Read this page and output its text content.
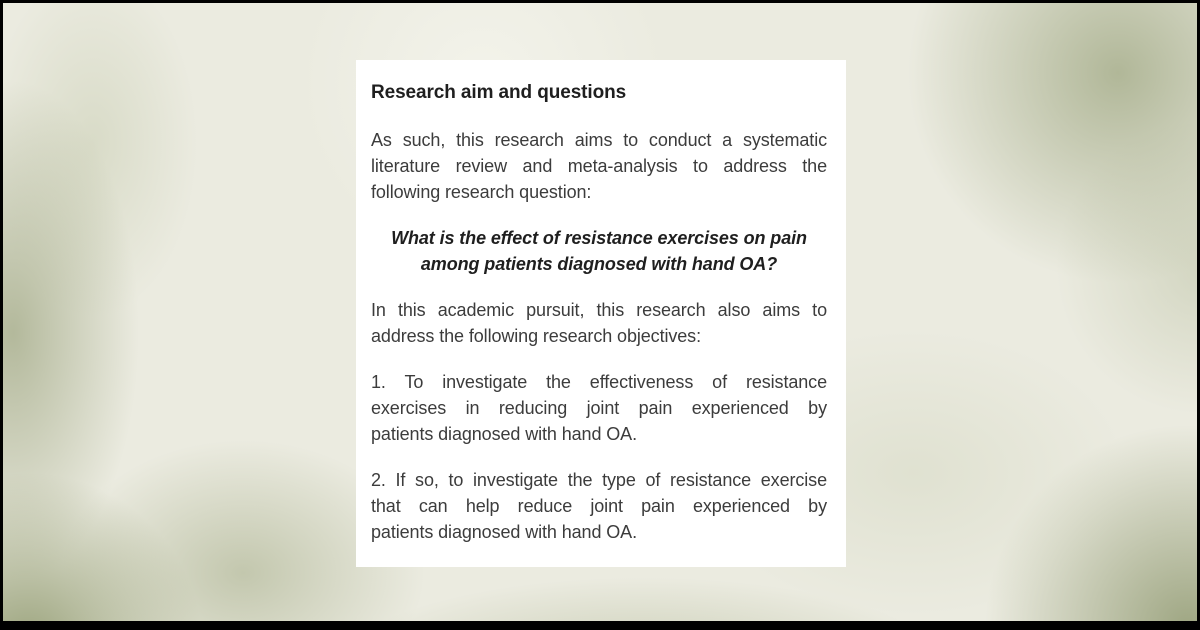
Research aim and questions
As such, this research aims to conduct a systematic
literature review and meta-analysis to address the
following research question:
What is the effect of resistance exercises on pain
among patients diagnosed with hand OA?
In this academic pursuit, this research also aims to
address the following research objectives:
1. To investigate the effectiveness of resistance
exercises in reducing joint pain experienced by
patients diagnosed with hand OA.
2. If so, to investigate the type of resistance exercise
that can help reduce joint pain experienced by
patients diagnosed with hand OA.
